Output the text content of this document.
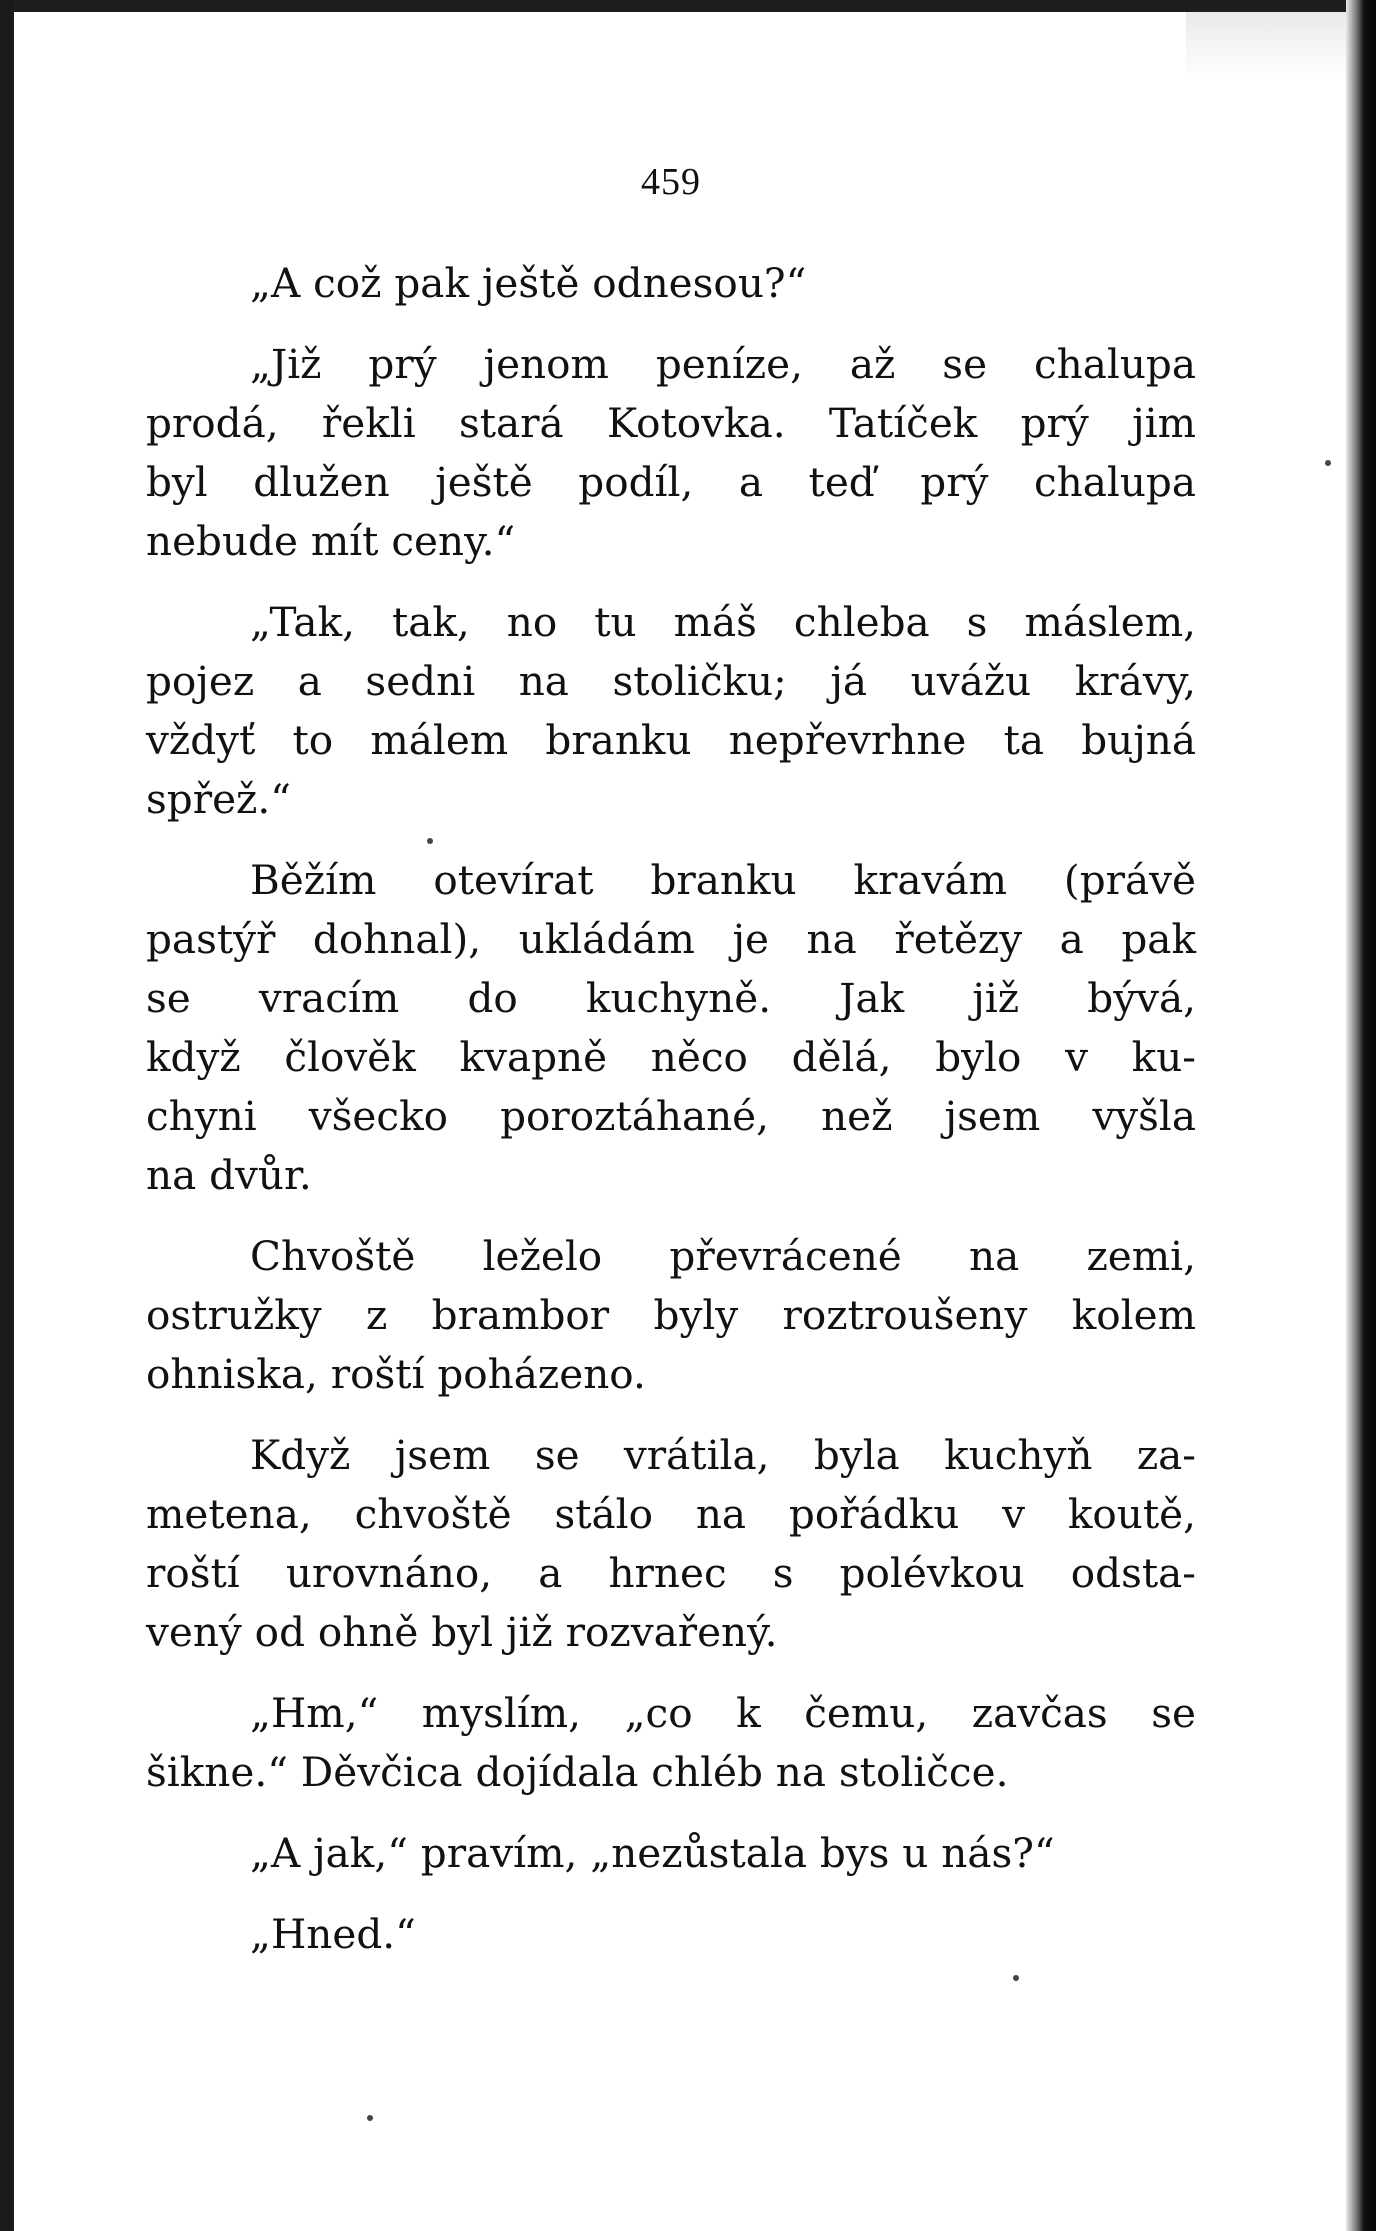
459
„A což pak ještě odnesou?“
„Již prý jenom peníze, až se chalupa
prodá, řekli stará Kotovka. Tatíček prý jim
byl dlužen ještě podíl, a teď prý chalupa
nebude mít ceny.“
„Tak, tak, no tu máš chleba s máslem,
pojez a sedni na stoličku; já uvážu krávy,
vždyť to málem branku nepřevrhne ta bujná
spřež.“
Běžím otevírat branku kravám (právě
pastýř dohnal), ukládám je na řetězy a pak
se vracím do kuchyně. Jak již bývá,
když člověk kvapně něco dělá, bylo v ku-
chyni všecko poroztáhané, než jsem vyšla
na dvůr.
Chvoště leželo převrácené na zemi,
ostružky z brambor byly roztroušeny kolem
ohniska, roští poházeno.
Když jsem se vrátila, byla kuchyň za-
metena, chvoště stálo na pořádku v koutě,
roští urovnáno, a hrnec s polévkou odsta-
vený od ohně byl již rozvařený.
„Hm,“ myslím, „co k čemu, zavčas se
šikne.“ Děvčica dojídala chléb na stoličce.
„A jak,“ pravím, „nezůstala bys u nás?“
„Hned.“
